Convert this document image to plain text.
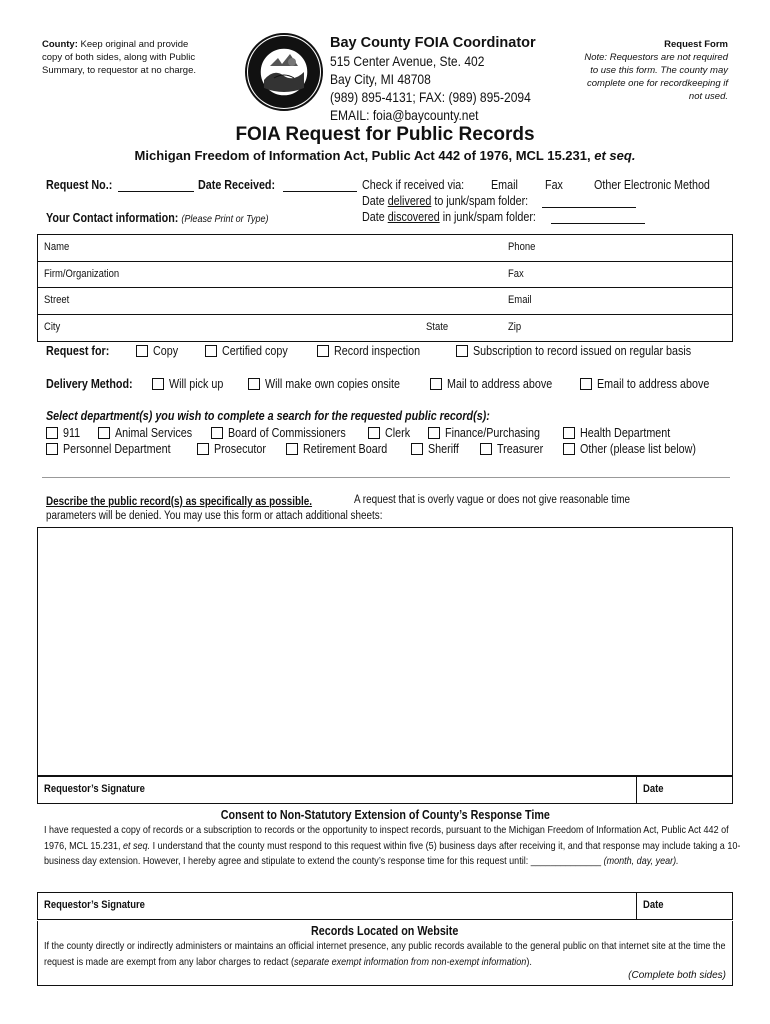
County: Keep original and provide copy of both sides, along with Public Summary, to requestor at no charge.
Bay County FOIA Coordinator
515 Center Avenue, Ste. 402
Bay City, MI 48708
(989) 895-4131; FAX: (989) 895-2094
EMAIL: foia@baycounty.net
Request Form
Note: Requestors are not required to use this form. The county may complete one for recordkeeping if not used.
FOIA Request for Public Records
Michigan Freedom of Information Act, Public Act 442 of 1976, MCL 15.231, et seq.
Request No.:	Date Received:	Check if received via:	Email	Fax Other Electronic Method
Date delivered to junk/spam folder:
Your Contact information: (Please Print or Type)	Date discovered in junk/spam folder:
Name	Phone
Firm/Organization	Fax
Street	Email
City	State	Zip
Request for:	Copy	Certified copy	Record inspection	Subscription to record issued on regular basis
Delivery Method:	Will pick up	Will make own copies onsite	Mail to address above	Email to address above
Select department(s) you wish to complete a search for the requested public record(s):
911	Animal Services	Board of Commissioners	Clerk	Finance/Purchasing	Health Department
Personnel Department	Prosecutor	Retirement Board	Sheriff	Treasurer	Other (please list below)
Describe the public record(s) as specifically as possible.	A request that is overly vague or does not give reasonable time
parameters will be denied. You may use this form or attach additional sheets:
Requestor’s Signature	Date
Consent to Non-Statutory Extension of County’s Response Time
I have requested a copy of records or a subscription to records or the opportunity to inspect records, pursuant to the Michigan Freedom of Information Act, Public Act 442 of 1976, MCL 15.231, et seq. I understand that the county must respond to this request within five (5) business days after receiving it, and that response may include taking a 10-business day extension. However, I hereby agree and stipulate to extend the county’s response time for this request until: ______________ (month, day, year).
Requestor’s Signature	Date
Records Located on Website
If the county directly or indirectly administers or maintains an official internet presence, any public records available to the general public on that internet site at the time the request is made are exempt from any labor charges to redact (separate exempt information from non-exempt information).
(Complete both sides)
